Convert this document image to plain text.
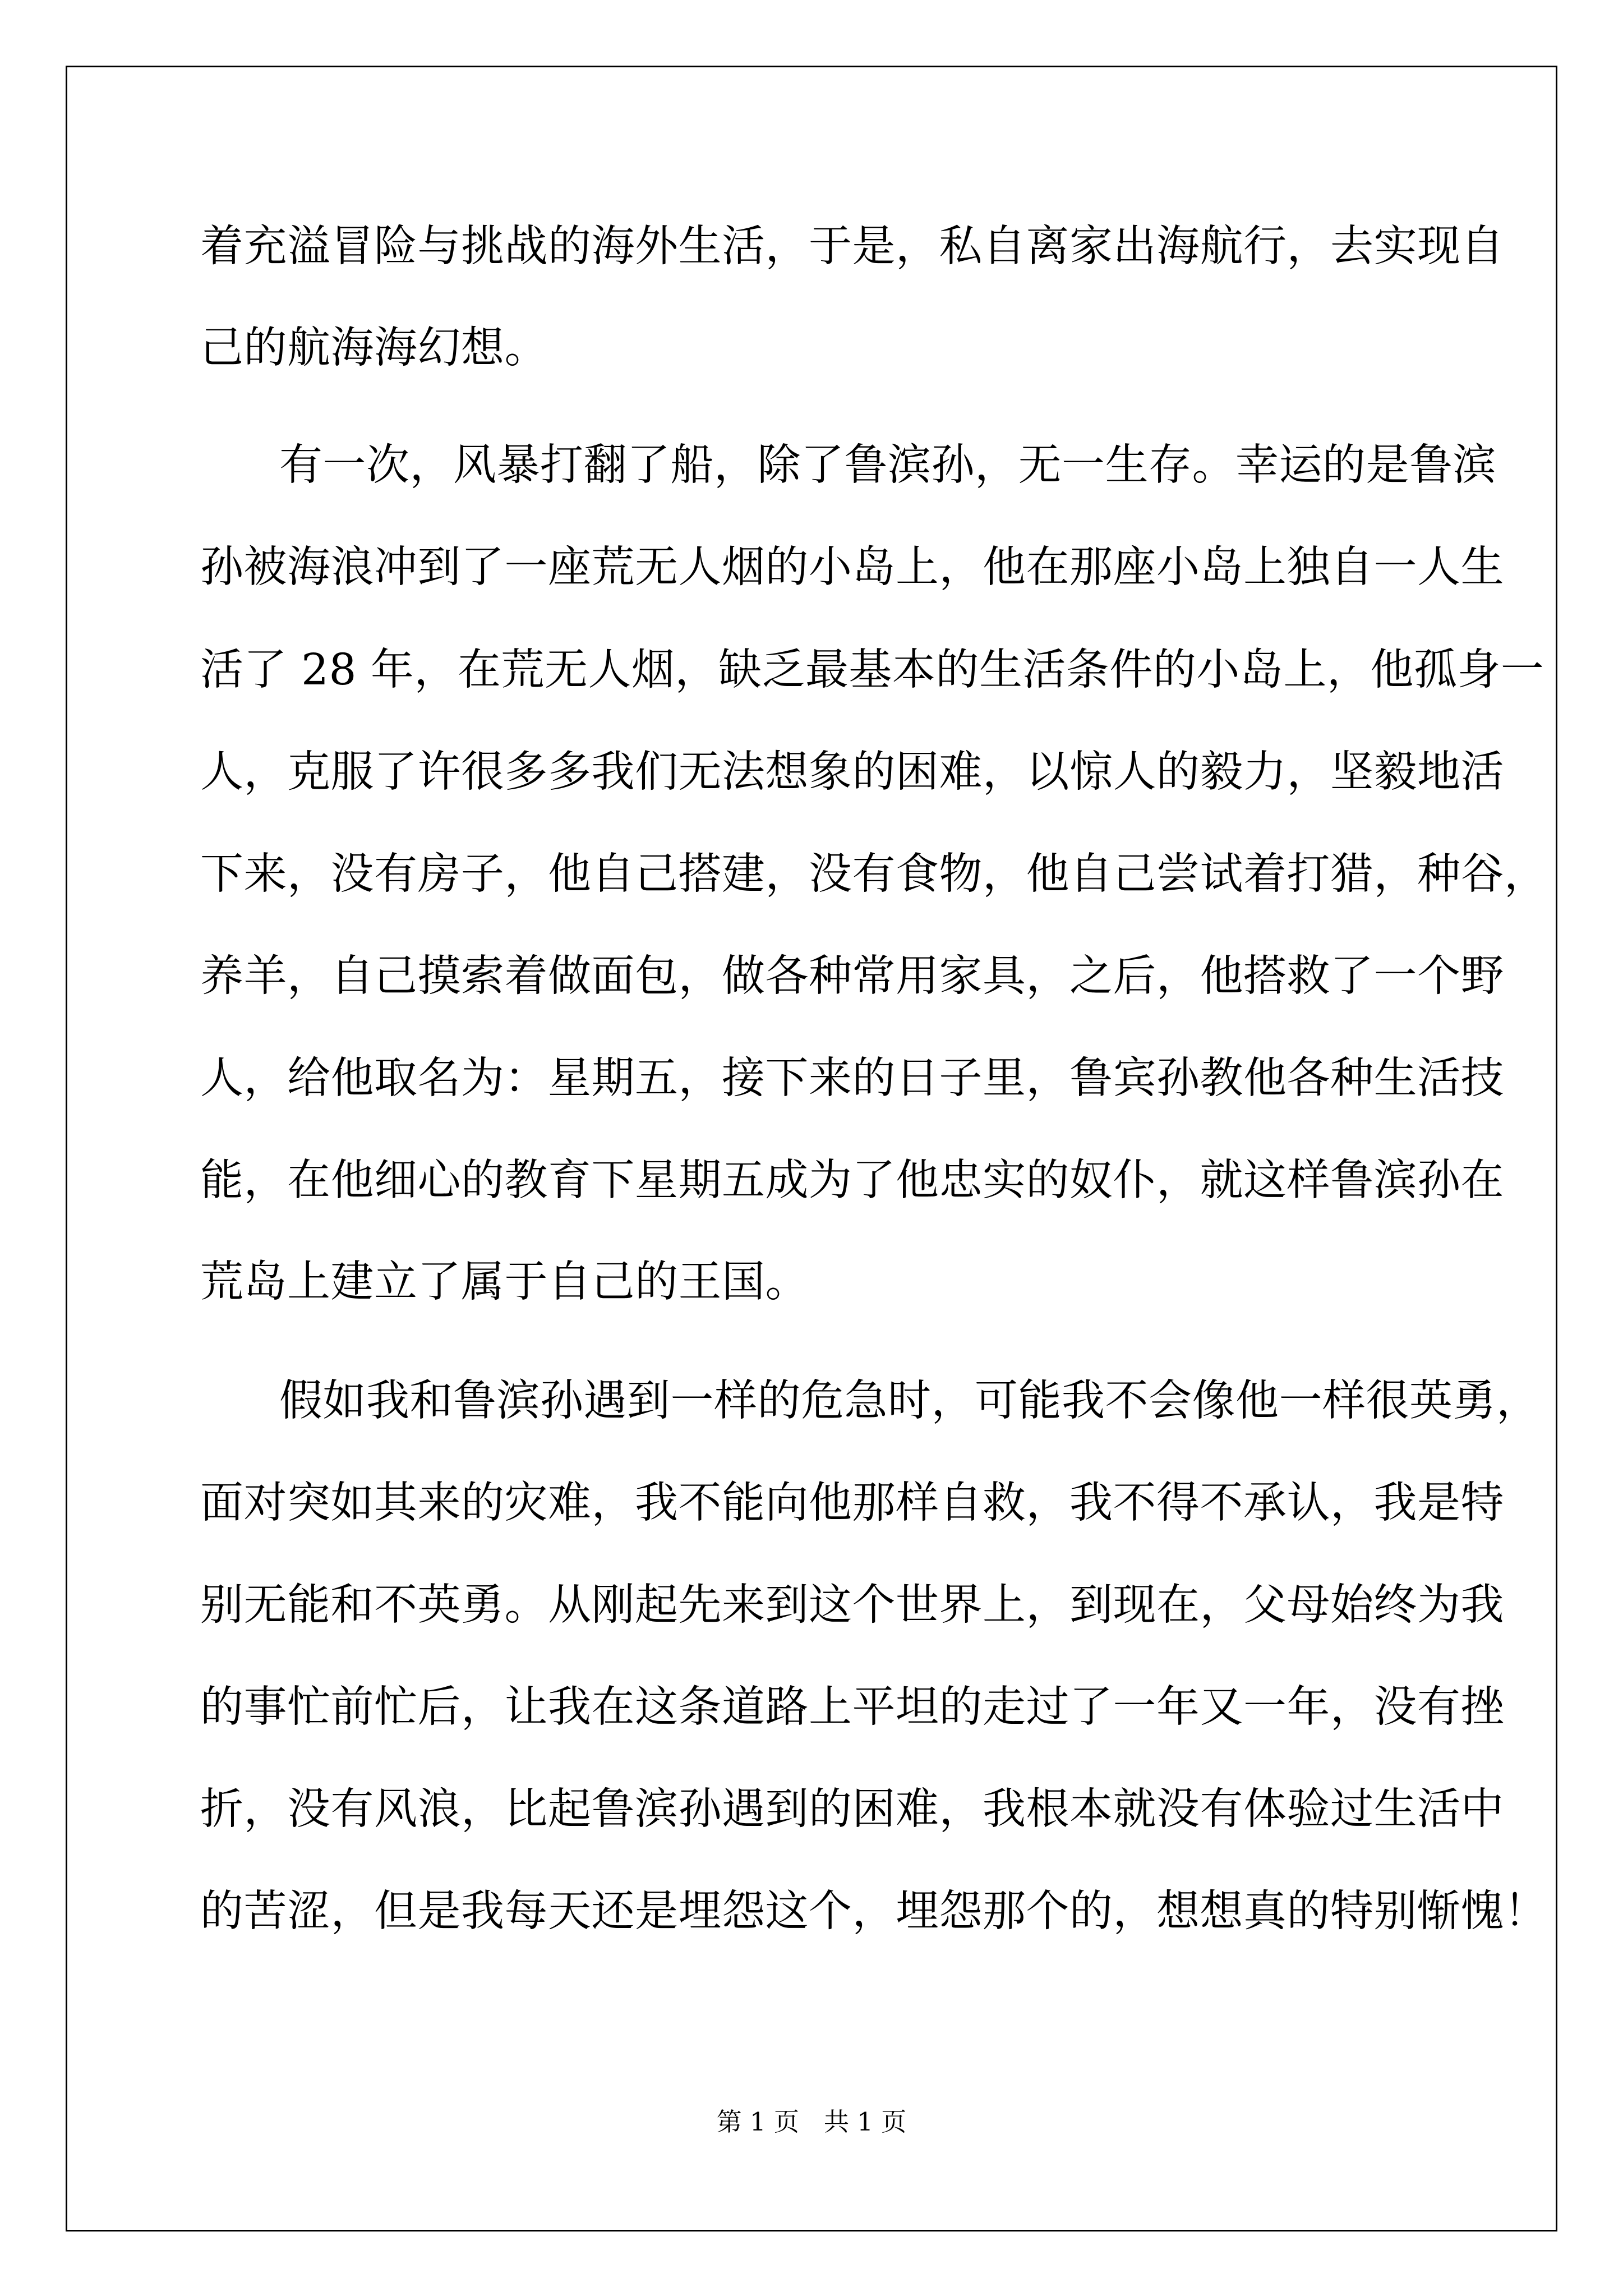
着充溢冒险与挑战的海外生活，于是，私自离家出海航行，去实现自
己的航海海幻想。
有一次，风暴打翻了船，除了鲁滨孙，无一生存。幸运的是鲁滨
孙被海浪冲到了一座荒无人烟的小岛上，他在那座小岛上独自一人生
活了 28 年，在荒无人烟，缺乏最基本的生活条件的小岛上，他孤身一
人，克服了许很多多我们无法想象的困难，以惊人的毅力，坚毅地活
下来，没有房子，他自己搭建，没有食物，他自己尝试着打猎，种谷，
养羊，自己摸索着做面包，做各种常用家具，之后，他搭救了一个野
人，给他取名为：星期五，接下来的日子里，鲁宾孙教他各种生活技
能，在他细心的教育下星期五成为了他忠实的奴仆，就这样鲁滨孙在
荒岛上建立了属于自己的王国。
假如我和鲁滨孙遇到一样的危急时，可能我不会像他一样很英勇，
面对突如其来的灾难，我不能向他那样自救，我不得不承认，我是特
别无能和不英勇。从刚起先来到这个世界上，到现在，父母始终为我
的事忙前忙后，让我在这条道路上平坦的走过了一年又一年，没有挫
折，没有风浪，比起鲁滨孙遇到的困难，我根本就没有体验过生活中
的苦涩，但是我每天还是埋怨这个，埋怨那个的，想想真的特别惭愧！
第 1 页 共 1 页
